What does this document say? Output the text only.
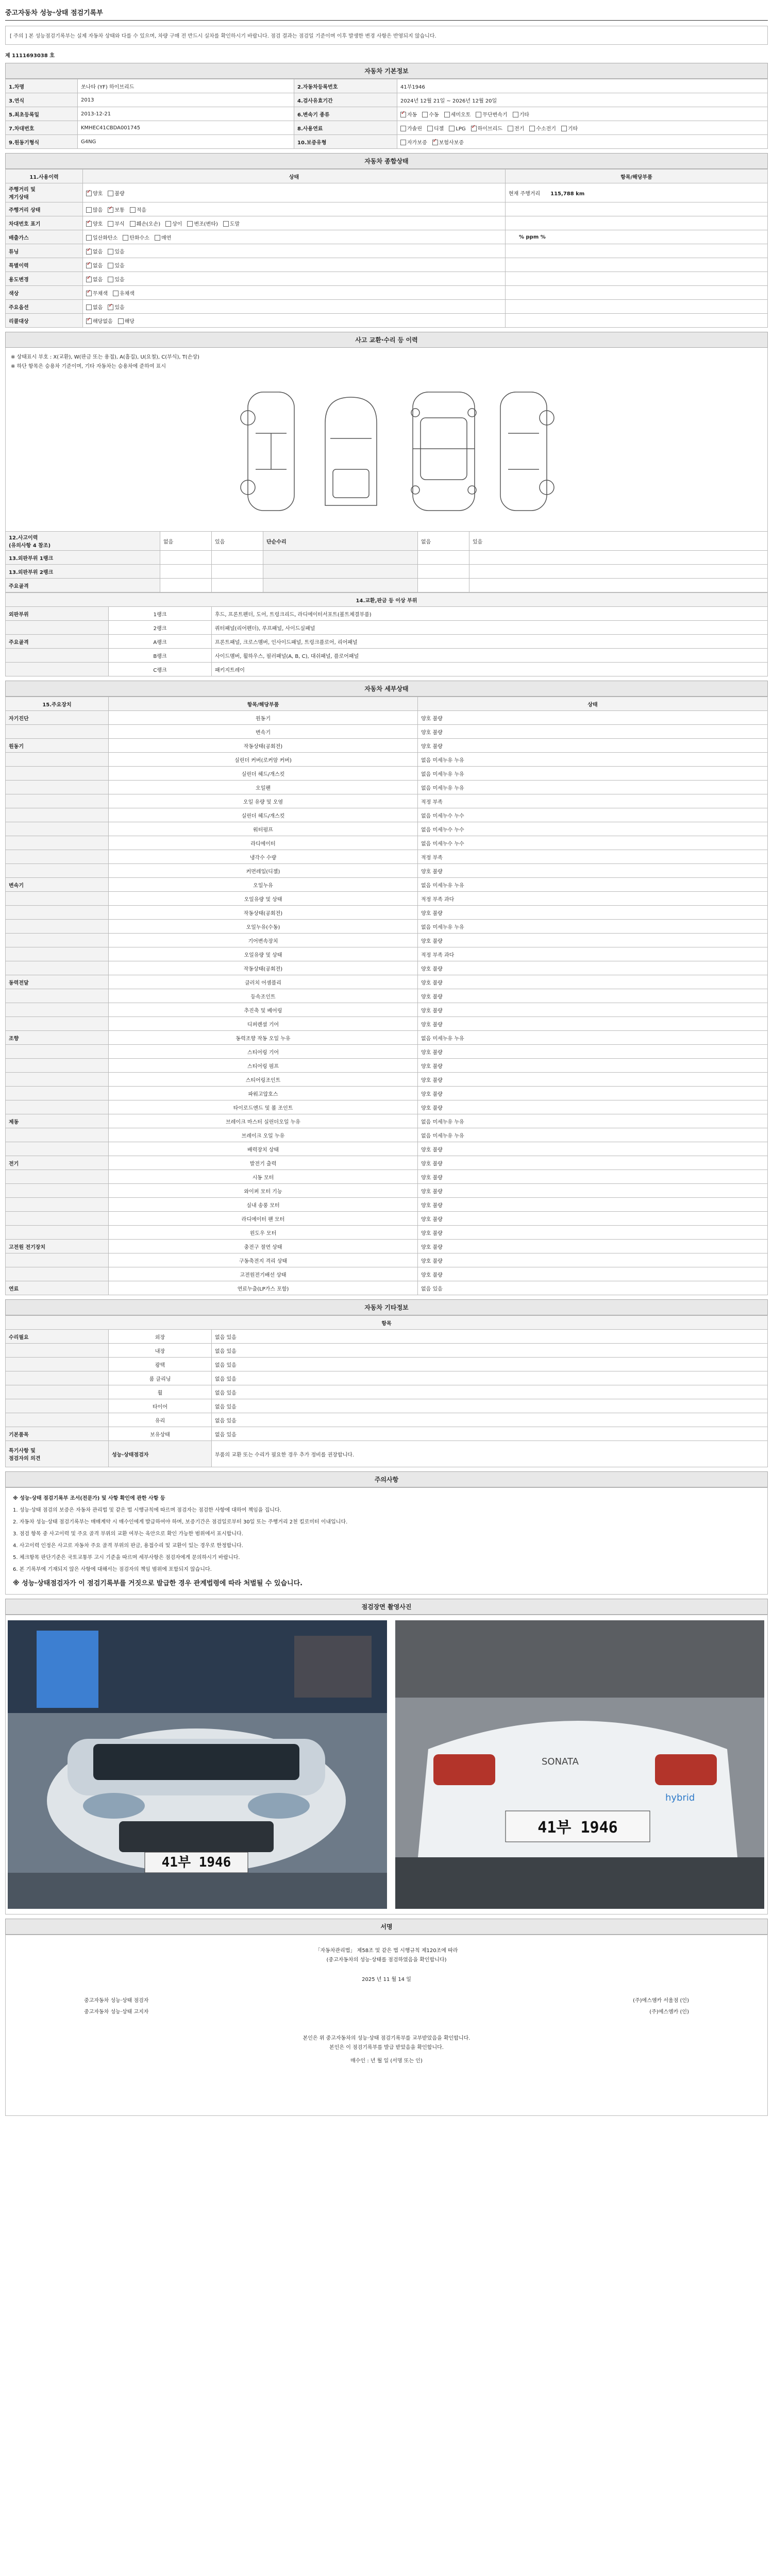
중고자동차 성능·상태 점검기록부
[ 주의 ] 본 성능점검기록부는 실제 자동차 상태와 다를 수 있으며, 차량 구매 전 반드시 실차를 확인하시기 바랍니다. 점검 결과는 점검일 기준이며 이후 발생한 변경 사항은 반영되지 않습니다.
제 1111693038 호
자동차 기본정보
1.차명	쏘나타 (YF) 하이브리드	2.자동차등록번호	41부1946
3.연식	2013	4.검사유효기간	2024년 12월 21일 ~ 2026년 12월 20일
5.최초등록일	2013-12-21	6.변속기 종류	✓자동 수동 세미오토 무단변속기 기타
7.차대번호	KMHEC41CBDA001745	8.사용연료	가솔린 디젤 LPG ✓ 하이브리드 전기 수소전기 기타
9.원동기형식	G4NG	10.보증유형	자가보증 ✓ 보험사보증
자동차 종합상태
11.사용이력	상태	항목/해당부품
주행거리 및
계기상태	✓양호 불량	현재 주행거리 115,788 km
주행거리 상태	많음 ✓ 보통 적음	
차대번호 표기	✓양호 부식 훼손(오손) 상이 변조(변타) 도말	
배출가스	일산화탄소 탄화수소 매연	% ppm %
튜닝	✓없음 있음	
특별이력	✓없음 있음	
용도변경	✓없음 있음	
색상	✓무채색 유채색	
주요옵션	없음 ✓ 있음	
리콜대상	✓해당없음 해당	
사고 교환·수리 등 이력
※ 상태표시 부호 : X(교환), W(판금 또는 용접), A(흠집), U(요철), C(부식), T(손상)
※ 하단 항목은 승용차 기준이며, 기타 자동차는 승용차에 준하여 표시
12.사고이력
(유의사항 4 참조)	없음	있음	단순수리	없음	있음
13.외판부위 1랭크					
13.외판부위 2랭크					
주요골격					
14.교환,판금 등 이상 부위		
외판부위	1랭크	후드, 프론트펜더, 도어, 트렁크리드, 라디에이터서포트(볼트체결부품)
	2랭크	쿼터패널(리어펜더), 루프패널, 사이드실패널
주요골격	A랭크	프론트패널, 크로스멤버, 인사이드패널, 트렁크플로어, 리어패널
	B랭크	사이드멤버, 휠하우스, 필러패널(A, B, C), 대쉬패널, 플로어패널
	C랭크	패키지트레이
자동차 세부상태
15.주요장치	항목/해당부품	상태
자기진단	원동기	양호 불량
	변속기	양호 불량
원동기	작동상태(공회전)	양호 불량
	실린더 커버(로커암 커버)	없음 미세누유 누유
	실린더 헤드/개스킷	없음 미세누유 누유
	오일팬	없음 미세누유 누유
	오일 유량 및 오염	적정 부족
	실린더 헤드/개스킷	없음 미세누수 누수
	워터펌프	없음 미세누수 누수
	라디에이터	없음 미세누수 누수
	냉각수 수량	적정 부족
	커먼레일(디젤)	양호 불량
변속기	오일누유	없음 미세누유 누유
	오일유량 및 상태	적정 부족 과다
	작동상태(공회전)	양호 불량
	오일누유(수동)	없음 미세누유 누유
	기어변속장치	양호 불량
	오일유량 및 상태	적정 부족 과다
	작동상태(공회전)	양호 불량
동력전달	클러치 어셈블리	양호 불량
	등속조인트	양호 불량
	추진축 및 베어링	양호 불량
	디퍼렌셜 기어	양호 불량
조향	동력조향 작동 오일 누유	없음 미세누유 누유
	스티어링 기어	양호 불량
	스티어링 펌프	양호 불량
	스티어링조인트	양호 불량
	파워고압호스	양호 불량
	타이로드엔드 및 볼 조인트	양호 불량
제동	브레이크 마스터 실린더오일 누유	없음 미세누유 누유
	브레이크 오일 누유	없음 미세누유 누유
	배력장치 상태	양호 불량
전기	발전기 출력	양호 불량
	시동 모터	양호 불량
	와이퍼 모터 기능	양호 불량
	실내 송풍 모터	양호 불량
	라디에이터 팬 모터	양호 불량
	윈도우 모터	양호 불량
고전원 전기장치	충전구 절연 상태	양호 불량
	구동축전지 격리 상태	양호 불량
	고전원전기배선 상태	양호 불량
연료	연료누출(LP가스 포함)	없음 있음
자동차 기타정보
항목		
수리필요	외장	없음 있음
	내장	없음 있음
	광택	없음 있음
	룸 클리닝	없음 있음
	휠	없음 있음
	타이어	없음 있음
	유리	없음 있음
기본품목	보유상태	없음 있음
특기사항 및
점검자의 의견	성능·상태점검자	부품의 교환 또는 수리가 필요한 경우 추가 정비를 권장합니다.
주의사항

※ 성능·상태 점검기록부 조서(전문가) 및 사항 확인에 관한 사항 등

1. 성능·상태 점검의 보증은 자동차 관리법 및 같은 법 시행규칙에 따르며 점검자는 점검한 사항에 대하여 책임을 집니다.

2. 자동차 성능·상태 점검기록부는 매매계약 시 매수인에게 발급하여야 하며, 보증기간은 점검일로부터 30일 또는 주행거리 2천 킬로미터 이내입니다.

3. 점검 항목 중 사고이력 및 주요 골격 부위의 교환 여부는 육안으로 확인 가능한 범위에서 표시합니다.

4. 사고이력 인정은 사고로 자동차 주요 골격 부위의 판금, 용접수리 및 교환이 있는 경우로 한정합니다.

5. 체크항목 판단기준은 국토교통부 고시 기준을 따르며 세부사항은 점검자에게 문의하시기 바랍니다.

6. 본 기록부에 기재되지 않은 사항에 대해서는 점검자의 책임 범위에 포함되지 않습니다.

※ 성능·상태점검자가 이 점검기록부를 거짓으로 발급한 경우 관계법령에 따라 처벌될 수 있습니다.
점검장면 촬영사진
41부 1946
SONATA
hybrid
41부 1946
서명
「자동차관리법」 제58조 및 같은 법 시행규칙 제120조에 따라
(중고자동차의 성능·상태를 점검하였음을 확인합니다)
2025 년 11 월 14 일
중고자동차 성능·상태 점검자	(주)에스엠카 서울점 (인)
중고자동차 성능·상태 고지자	(주)에스엠카 (인)
본인은 위 중고자동차의 성능·상태 점검기록부를 교부받았음을 확인합니다.
본인은 이 점검기록부를 발급 받았음을 확인합니다.
매수인 : 년 월 일 (서명 또는 인)
